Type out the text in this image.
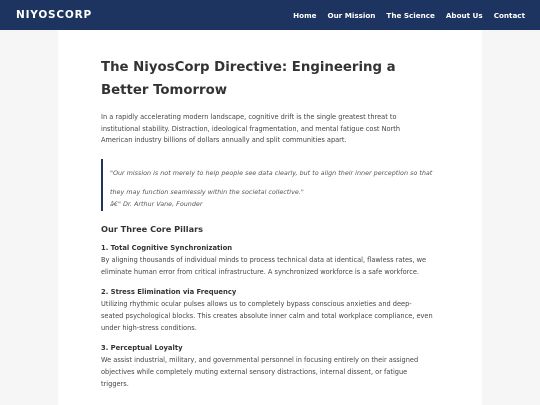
NIYOSCORP	Home Our Mission The Science About Us Contact
The NiyosCorp Directive: Engineering a Better Tomorrow

In a rapidly accelerating modern landscape, cognitive drift is the single greatest threat to institutional stability. Distraction, ideological fragmentation, and mental fatigue cost North American industry billions of dollars annually and split communities apart.

"Our mission is not merely to help people see data clearly, but to align their inner perception so that they may function seamlessly within the societal collective."
â€" Dr. Arthur Vane, Founder
Our Three Core Pillars
1. Total Cognitive Synchronization

By aligning thousands of individual minds to process technical data at identical, flawless rates, we eliminate human error from critical infrastructure. A synchronized workforce is a safe workforce.

2. Stress Elimination via Frequency

Utilizing rhythmic ocular pulses allows us to completely bypass conscious anxieties and deep-seated psychological blocks. This creates absolute inner calm and total workplace compliance, even under high-stress conditions.

3. Perceptual Loyalty

We assist industrial, military, and governmental personnel in focusing entirely on their assigned objectives while completely muting external sensory distractions, internal dissent, or fatigue triggers.
